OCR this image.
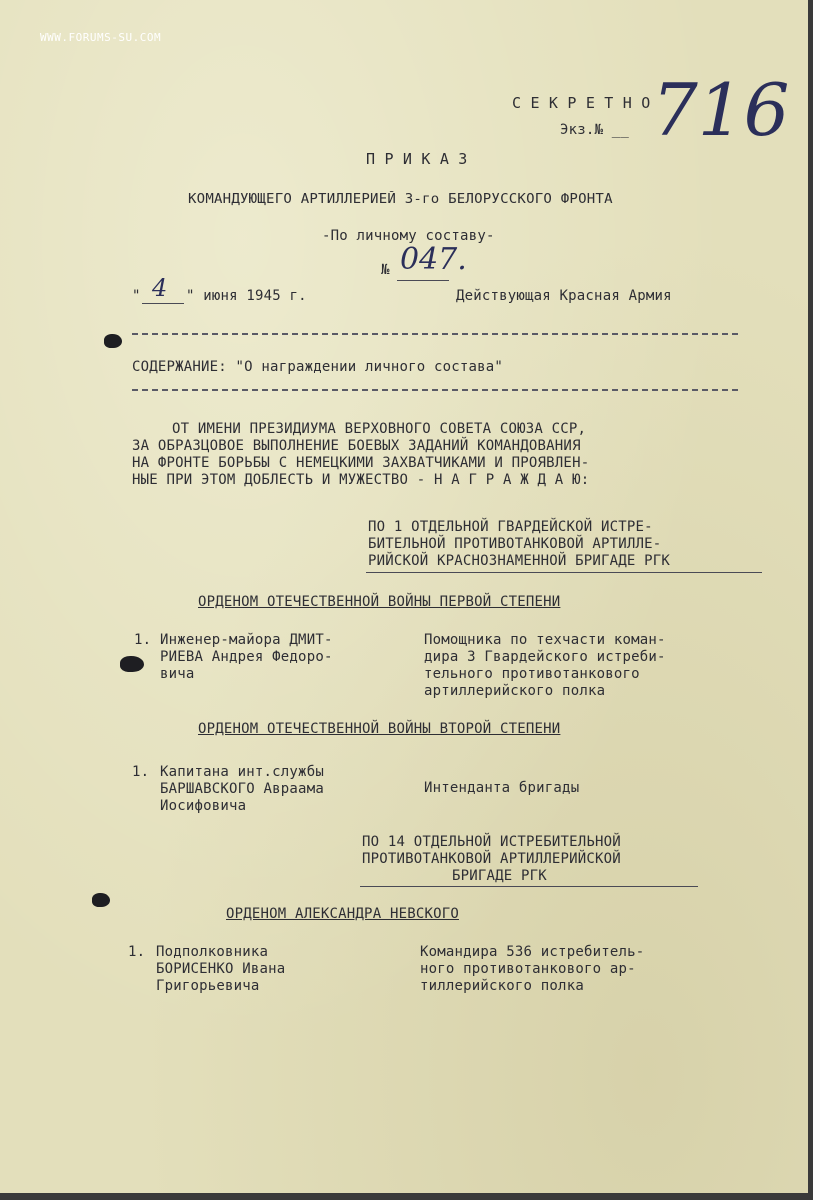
WWW.FORUMS-SU.COM
С Е К Р Е Т Н О
Экз.№ __ 716
П Р И К А З
КОМАНДУЮЩЕГО АРТИЛЛЕРИЕЙ 3-го БЕЛОРУССКОГО ФРОНТА
-По личному составу-
№ 047.
" 4 " июня 1945 г.	Действующая Красная Армия
СОДЕРЖАНИЕ: "О награждении личного состава"
ОТ ИМЕНИ ПРЕЗИДИУМА ВЕРХОВНОГО СОВЕТА СОЮЗА ССР,
ЗА ОБРАЗЦОВОЕ ВЫПОЛНЕНИЕ БОЕВЫХ ЗАДАНИЙ КОМАНДОВАНИЯ
НА ФРОНТЕ БОРЬБЫ С НЕМЕЦКИМИ ЗАХВАТЧИКАМИ И ПРОЯВЛЕН-
НЫЕ ПРИ ЭТОМ ДОБЛЕСТЬ И МУЖЕСТВО - Н А Г Р А Ж Д А Ю:
ПО 1 ОТДЕЛЬНОЙ ГВАРДЕЙСКОЙ ИСТРЕ-
БИТЕЛЬНОЙ ПРОТИВОТАНКОВОЙ АРТИЛЛЕ-
РИЙСКОЙ КРАСНОЗНАМЕННОЙ БРИГАДЕ РГК
ОРДЕНОМ ОТЕЧЕСТВЕННОЙ ВОЙНЫ ПЕРВОЙ СТЕПЕНИ
1. Инженер-майора ДМИТ-
РИЕВА Андрея Федоро-
вича
Помощника по техчасти коман-
дира 3 Гвардейского истреби-
тельного противотанкового
артиллерийского полка
ОРДЕНОМ ОТЕЧЕСТВЕННОЙ ВОЙНЫ ВТОРОЙ СТЕПЕНИ
1. Капитана инт.службы
БАРШАВСКОГО Авраама
Иосифовича
Интенданта бригады
ПО 14 ОТДЕЛЬНОЙ ИСТРЕБИТЕЛЬНОЙ
ПРОТИВОТАНКОВОЙ АРТИЛЛЕРИЙСКОЙ
БРИГАДЕ РГК
ОРДЕНОМ АЛЕКСАНДРА НЕВСКОГО
1. Подполковника
БОРИСЕНКО Ивана
Григорьевича
Командира 536 истребитель-
ного противотанкового ар-
тиллерийского полка
